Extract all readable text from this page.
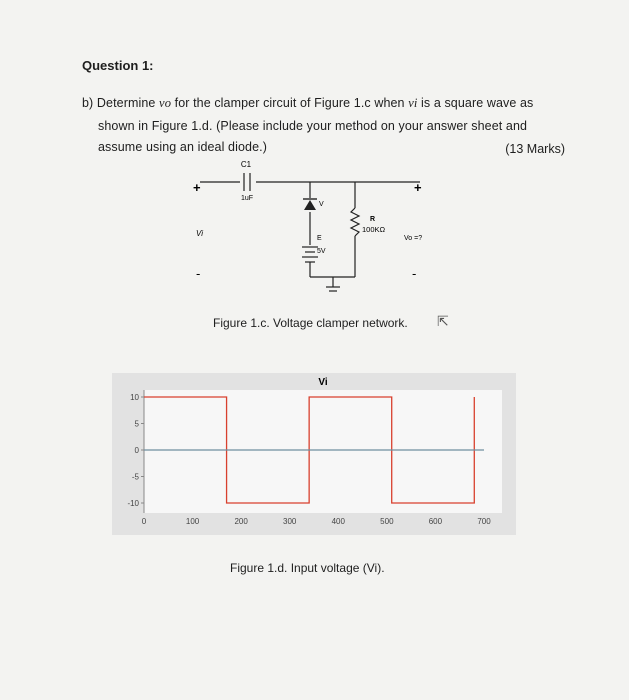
Question 1:
b) Determine vo for the clamper circuit of Figure 1.c when vi is a square wave as
shown in Figure 1.d. (Please include your method on your answer sheet and
assume using an ideal diode.)	(13 Marks)
C1
1uF
+	+
-	-
Vi
V
E
5V
R
100KΩ
Vo =?
Figure 1.c. Voltage clamper network. ⇱
Vi
10
5
0
-5
-10
0	100	200	300	400	500	600	700
Figure 1.d. Input voltage (Vi).
